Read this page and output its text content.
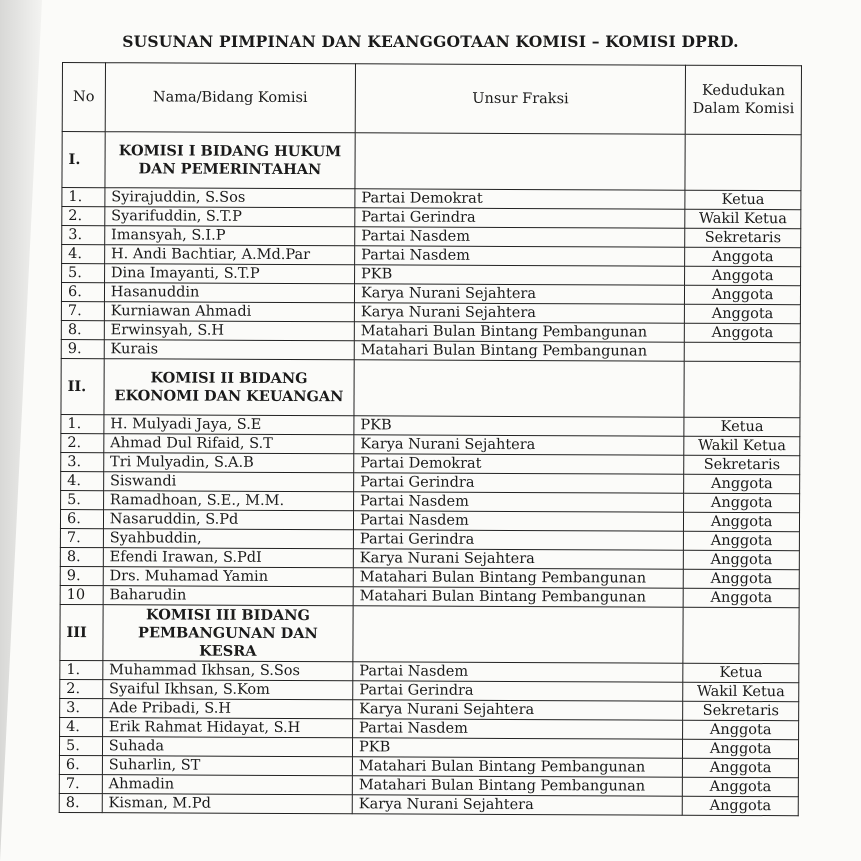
SUSUNAN PIMPINAN DAN KEANGGOTAAN KOMISI – KOMISI DPRD.
No	Nama/Bidang Komisi	Unsur Fraksi	Kedudukan Dalam Komisi
I.	KOMISI I BIDANG HUKUM DAN PEMERINTAHAN		
1.	Syirajuddin, S.Sos	Partai Demokrat	Ketua
2.	Syarifuddin, S.T.P	Partai Gerindra	Wakil Ketua
3.	Imansyah, S.I.P	Partai Nasdem	Sekretaris
4.	H. Andi Bachtiar, A.Md.Par	Partai Nasdem	Anggota
5.	Dina Imayanti, S.T.P	PKB	Anggota
6.	Hasanuddin	Karya Nurani Sejahtera	Anggota
7.	Kurniawan Ahmadi	Karya Nurani Sejahtera	Anggota
8.	Erwinsyah, S.H	Matahari Bulan Bintang Pembangunan	Anggota
9.	Kurais	Matahari Bulan Bintang Pembangunan	
II.	KOMISI II BIDANG EKONOMI DAN KEUANGAN		
1.	H. Mulyadi Jaya, S.E	PKB	Ketua
2.	Ahmad Dul Rifaid, S.T	Karya Nurani Sejahtera	Wakil Ketua
3.	Tri Mulyadin, S.A.B	Partai Demokrat	Sekretaris
4.	Siswandi	Partai Gerindra	Anggota
5.	Ramadhoan, S.E., M.M.	Partai Nasdem	Anggota
6.	Nasaruddin, S.Pd	Partai Nasdem	Anggota
7.	Syahbuddin,	Partai Gerindra	Anggota
8.	Efendi Irawan, S.PdI	Karya Nurani Sejahtera	Anggota
9.	Drs. Muhamad Yamin	Matahari Bulan Bintang Pembangunan	Anggota
10	Baharudin	Matahari Bulan Bintang Pembangunan	Anggota
III	KOMISI III BIDANG PEMBANGUNAN DAN KESRA		
1.	Muhammad Ikhsan, S.Sos	Partai Nasdem	Ketua
2.	Syaiful Ikhsan, S.Kom	Partai Gerindra	Wakil Ketua
3.	Ade Pribadi, S.H	Karya Nurani Sejahtera	Sekretaris
4.	Erik Rahmat Hidayat, S.H	Partai Nasdem	Anggota
5.	Suhada	PKB	Anggota
6.	Suharlin, ST	Matahari Bulan Bintang Pembangunan	Anggota
7.	Ahmadin	Matahari Bulan Bintang Pembangunan	Anggota
8.	Kisman, M.Pd	Karya Nurani Sejahtera	Anggota
